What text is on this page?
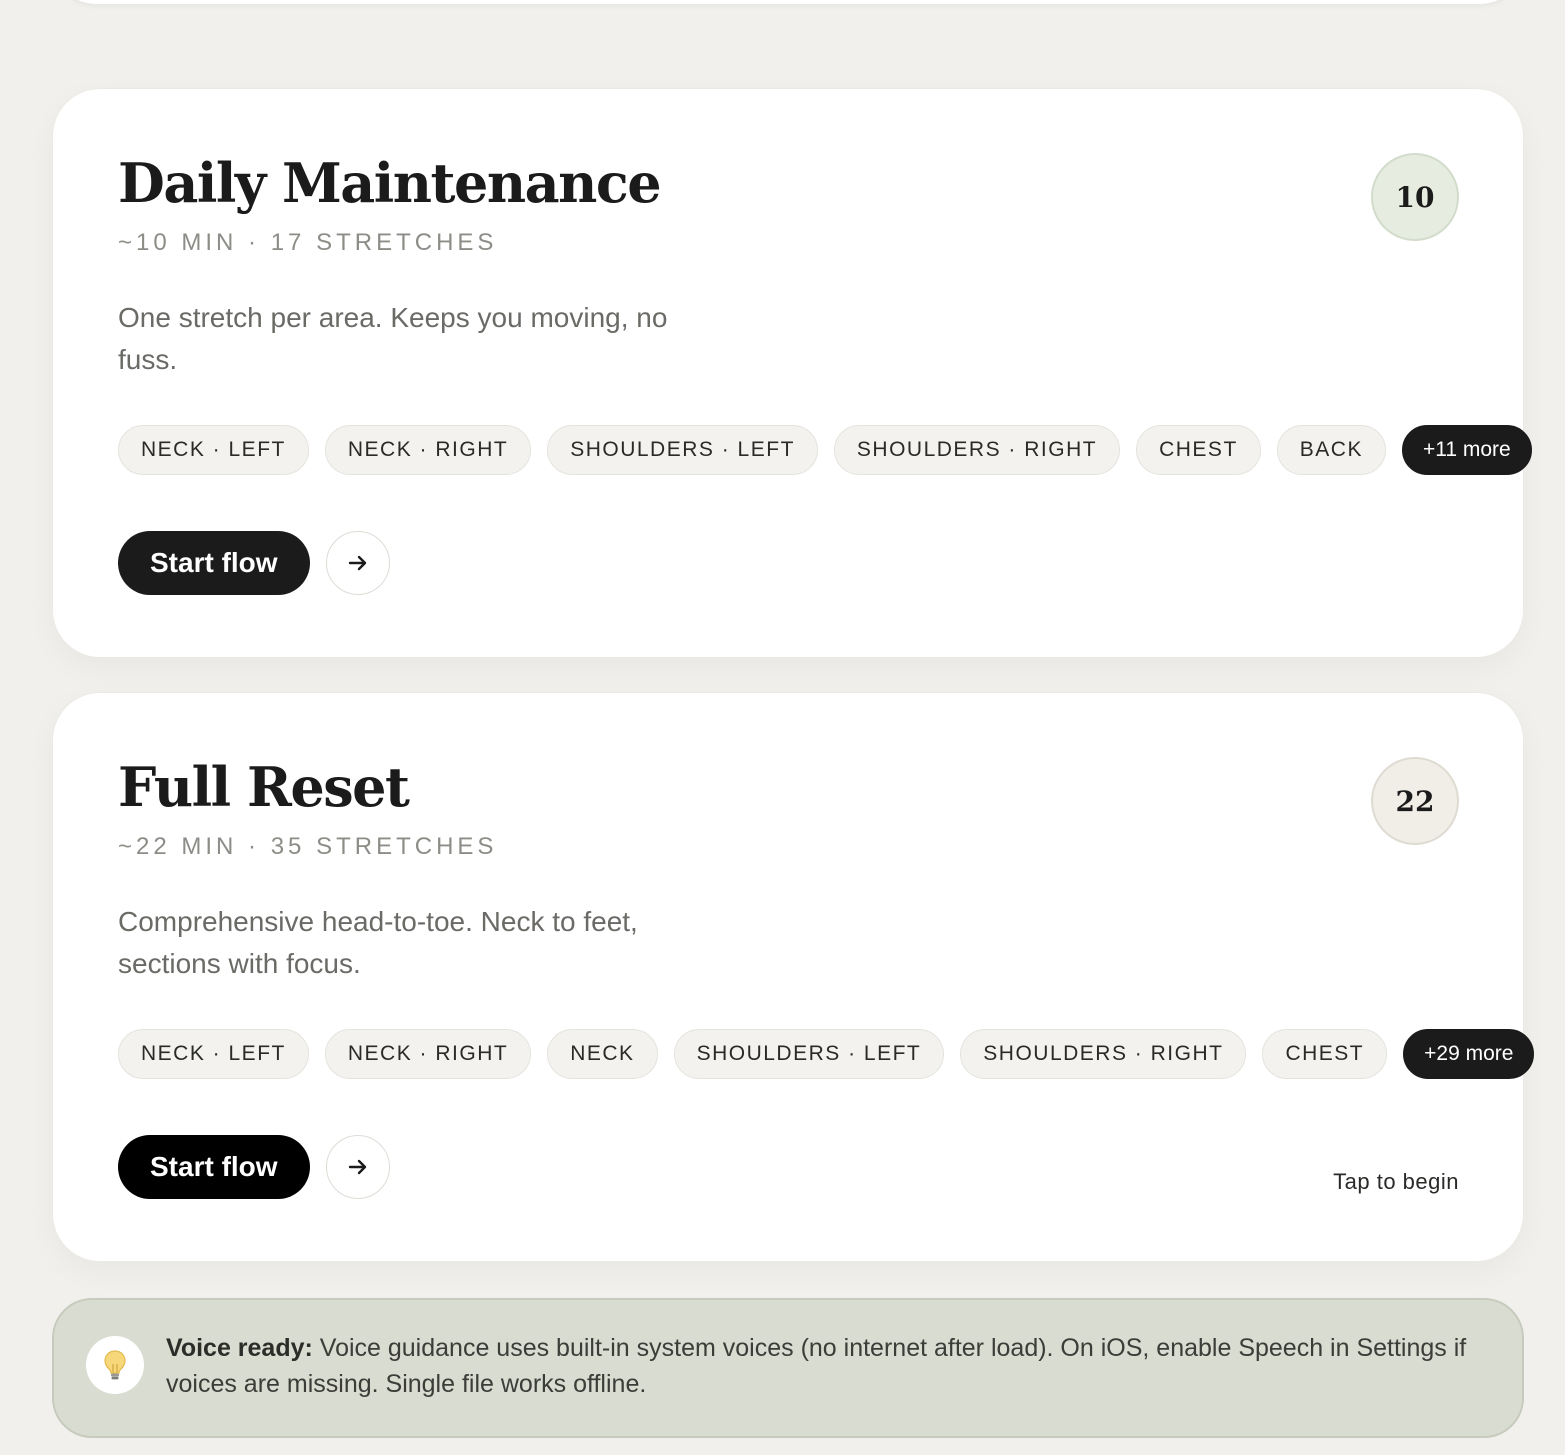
Daily Maintenance
~10 MIN · 17 STRETCHES

One stretch per area. Keeps you moving, no fuss.

10
NECK · LEFT	NECK · RIGHT	SHOULDERS · LEFT	SHOULDERS · RIGHT	CHEST	BACK	+11 more
Start flow
Full Reset
~22 MIN · 35 STRETCHES

Comprehensive head-to-toe. Neck to feet, sections with focus.

22
NECK · LEFT	NECK · RIGHT	NECK	SHOULDERS · LEFT	SHOULDERS · RIGHT	CHEST	+29 more
Start flow	Tap to begin

Voice ready: Voice guidance uses built-in system voices (no internet after load). On iOS, enable Speech in Settings if voices are missing. Single file works offline.
